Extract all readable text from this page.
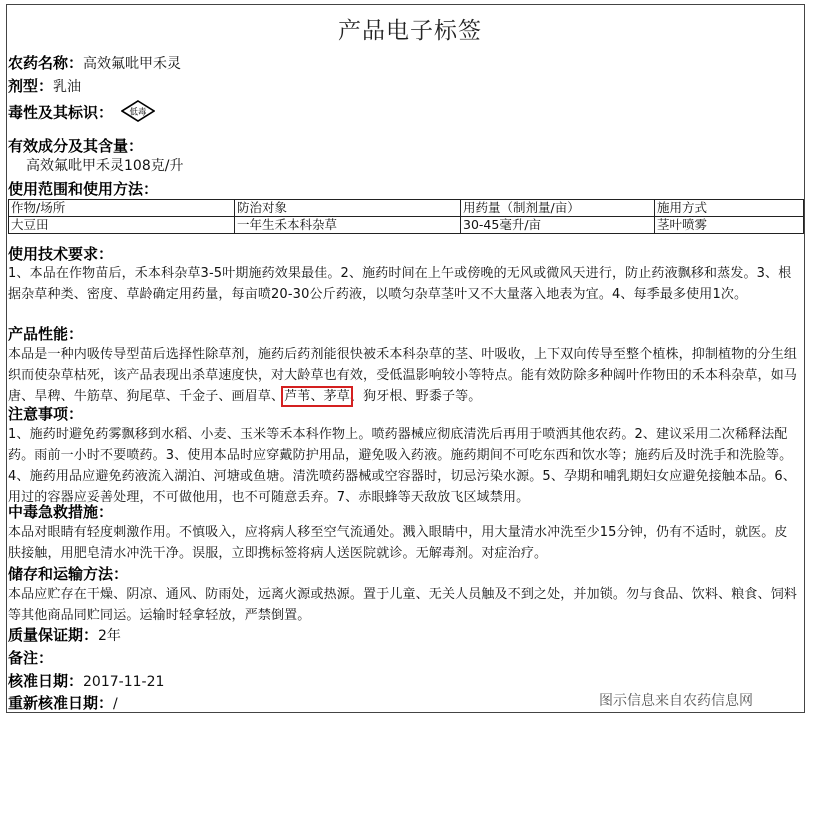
产品电子标签
农药名称：高效氟吡甲禾灵
剂型：乳油
毒性及其标识： 低毒
有效成分及其含量：
高效氟吡甲禾灵108克/升
使用范围和使用方法：
作物/场所	防治对象	用药量（制剂量/亩）	施用方式
大豆田	一年生禾本科杂草	30-45毫升/亩	茎叶喷雾
使用技术要求：
1、本品在作物苗后，禾本科杂草3-5叶期施药效果最佳。2、施药时间在上午或傍晚的无风或微风天进行，防止药液飘移和蒸发。3、根据杂草种类、密度、草龄确定用药量，每亩喷20-30公斤药液，以喷匀杂草茎叶又不大量落入地表为宜。4、每季最多使用1次。
产品性能：
本品是一种内吸传导型苗后选择性除草剂，施药后药剂能很快被禾本科杂草的茎、叶吸收，上下双向传导至整个植株，抑制植物的分生组织而使杂草枯死，该产品表现出杀草速度快，对大龄草也有效，受低温影响较小等特点。能有效防除多种阔叶作物田的禾本科杂草，如马唐、旱稗、牛筋草、狗尾草、千金子、画眉草、芦苇、茅草、狗牙根、野黍子等。
注意事项：
1、施药时避免药雾飘移到水稻、小麦、玉米等禾本科作物上。喷药器械应彻底清洗后再用于喷洒其他农药。2、建议采用二次稀释法配药。雨前一小时不要喷药。3、使用本品时应穿戴防护用品，避免吸入药液。施药期间不可吃东西和饮水等；施药后及时洗手和洗脸等。4、施药用品应避免药液流入湖泊、河塘或鱼塘。清洗喷药器械或空容器时，切忌污染水源。5、孕期和哺乳期妇女应避免接触本品。6、用过的容器应妥善处理，不可做他用，也不可随意丢弃。7、赤眼蜂等天敌放飞区域禁用。
中毒急救措施：
本品对眼睛有轻度刺激作用。不慎吸入，应将病人移至空气流通处。溅入眼睛中，用大量清水冲洗至少15分钟，仍有不适时，就医。皮肤接触，用肥皂清水冲洗干净。误服，立即携标签将病人送医院就诊。无解毒剂。对症治疗。
储存和运输方法：
本品应贮存在干燥、阴凉、通风、防雨处，远离火源或热源。置于儿童、无关人员触及不到之处，并加锁。勿与食品、饮料、粮食、饲料等其他商品同贮同运。运输时轻拿轻放，严禁倒置。
质量保证期：2年
备注：
核准日期：2017-11-21
重新核准日期：/	图示信息来自农药信息网
